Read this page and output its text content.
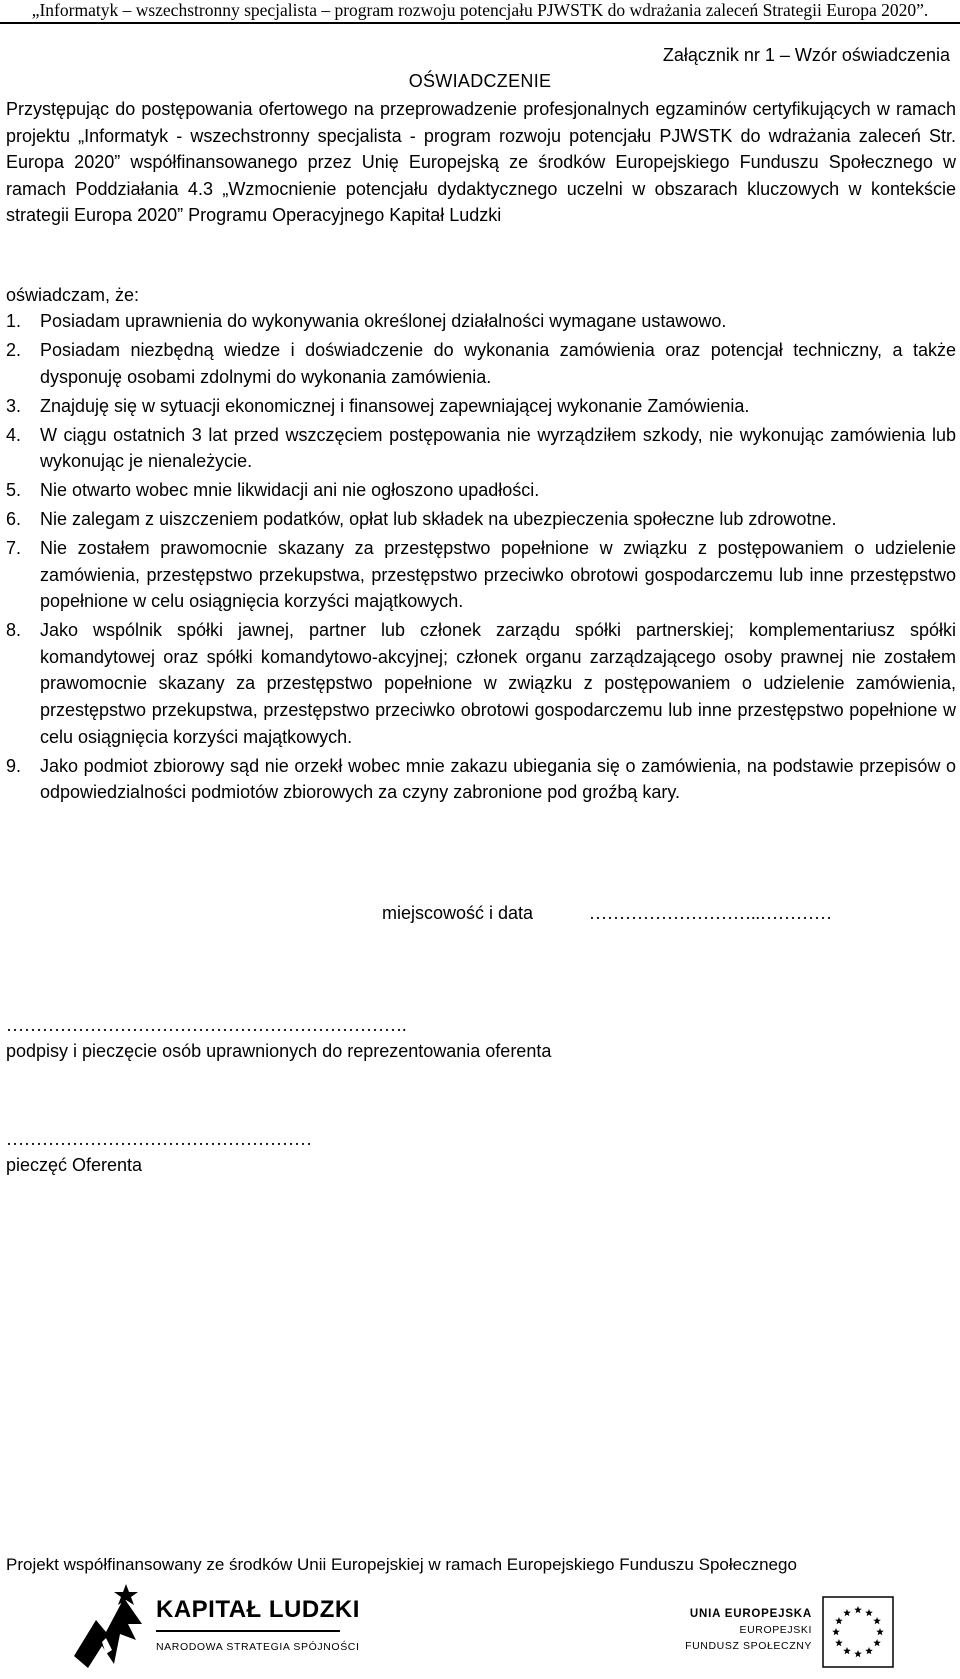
„Informatyk – wszechstronny specjalista – program rozwoju potencjału PJWSTK do wdrażania zaleceń Strategii Europa 2020”.
Załącznik nr 1 – Wzór oświadczenia
OŚWIADCZENIE
Przystępując do postępowania ofertowego na przeprowadzenie profesjonalnych egzaminów certyfikujących w ramach projektu „Informatyk - wszechstronny specjalista - program rozwoju potencjału PJWSTK do wdrażania zaleceń Str. Europa 2020” współfinansowanego przez Unię Europejską ze środków Europejskiego Funduszu Społecznego w ramach Poddziałania 4.3 „Wzmocnienie potencjału dydaktycznego uczelni w obszarach kluczowych w kontekście strategii Europa 2020” Programu Operacyjnego Kapitał Ludzki
oświadczam, że:
1.	Posiadam uprawnienia do wykonywania określonej działalności wymagane ustawowo.
2.	Posiadam niezbędną wiedze i doświadczenie do wykonania zamówienia oraz potencjał techniczny, a także dysponuję osobami zdolnymi do wykonania zamówienia.
3.	Znajduję się w sytuacji ekonomicznej i finansowej zapewniającej wykonanie Zamówienia.
4.	W ciągu ostatnich 3 lat przed wszczęciem postępowania nie wyrządziłem szkody, nie wykonując zamówienia lub wykonując je nienależycie.
5.	Nie otwarto wobec mnie likwidacji ani nie ogłoszono upadłości.
6.	Nie zalegam z uiszczeniem podatków, opłat lub składek na ubezpieczenia społeczne lub zdrowotne.
7.	Nie zostałem prawomocnie skazany za przestępstwo popełnione w związku z postępowaniem o udzielenie zamówienia, przestępstwo przekupstwa, przestępstwo przeciwko obrotowi gospodarczemu lub inne przestępstwo popełnione w celu osiągnięcia korzyści majątkowych.
8.	Jako wspólnik spółki jawnej, partner lub członek zarządu spółki partnerskiej; komplementariusz spółki komandytowej oraz spółki komandytowo-akcyjnej; członek organu zarządzającego osoby prawnej nie zostałem prawomocnie skazany za przestępstwo popełnione w związku z postępowaniem o udzielenie zamówienia, przestępstwo przekupstwa, przestępstwo przeciwko obrotowi gospodarczemu lub inne przestępstwo popełnione w celu osiągnięcia korzyści majątkowych.
9.	Jako podmiot zbiorowy sąd nie orzekł wobec mnie zakazu ubiegania się o zamówienia, na podstawie przepisów o odpowiedzialności podmiotów zbiorowych za czyny zabronione pod groźbą kary.
miejscowość i data	………………………..…………
………………………………………………………….
podpisy i pieczęcie osób uprawnionych do reprezentowania oferenta
……………………………………………
pieczęć Oferenta
Projekt współfinansowany ze środków Unii Europejskiej w ramach Europejskiego Funduszu Społecznego
KAPITAŁ LUDZKI
NARODOWA STRATEGIA SPÓJNOŚCI
UNIA EUROPEJSKA
EUROPEJSKI
FUNDUSZ SPOŁECZNY
